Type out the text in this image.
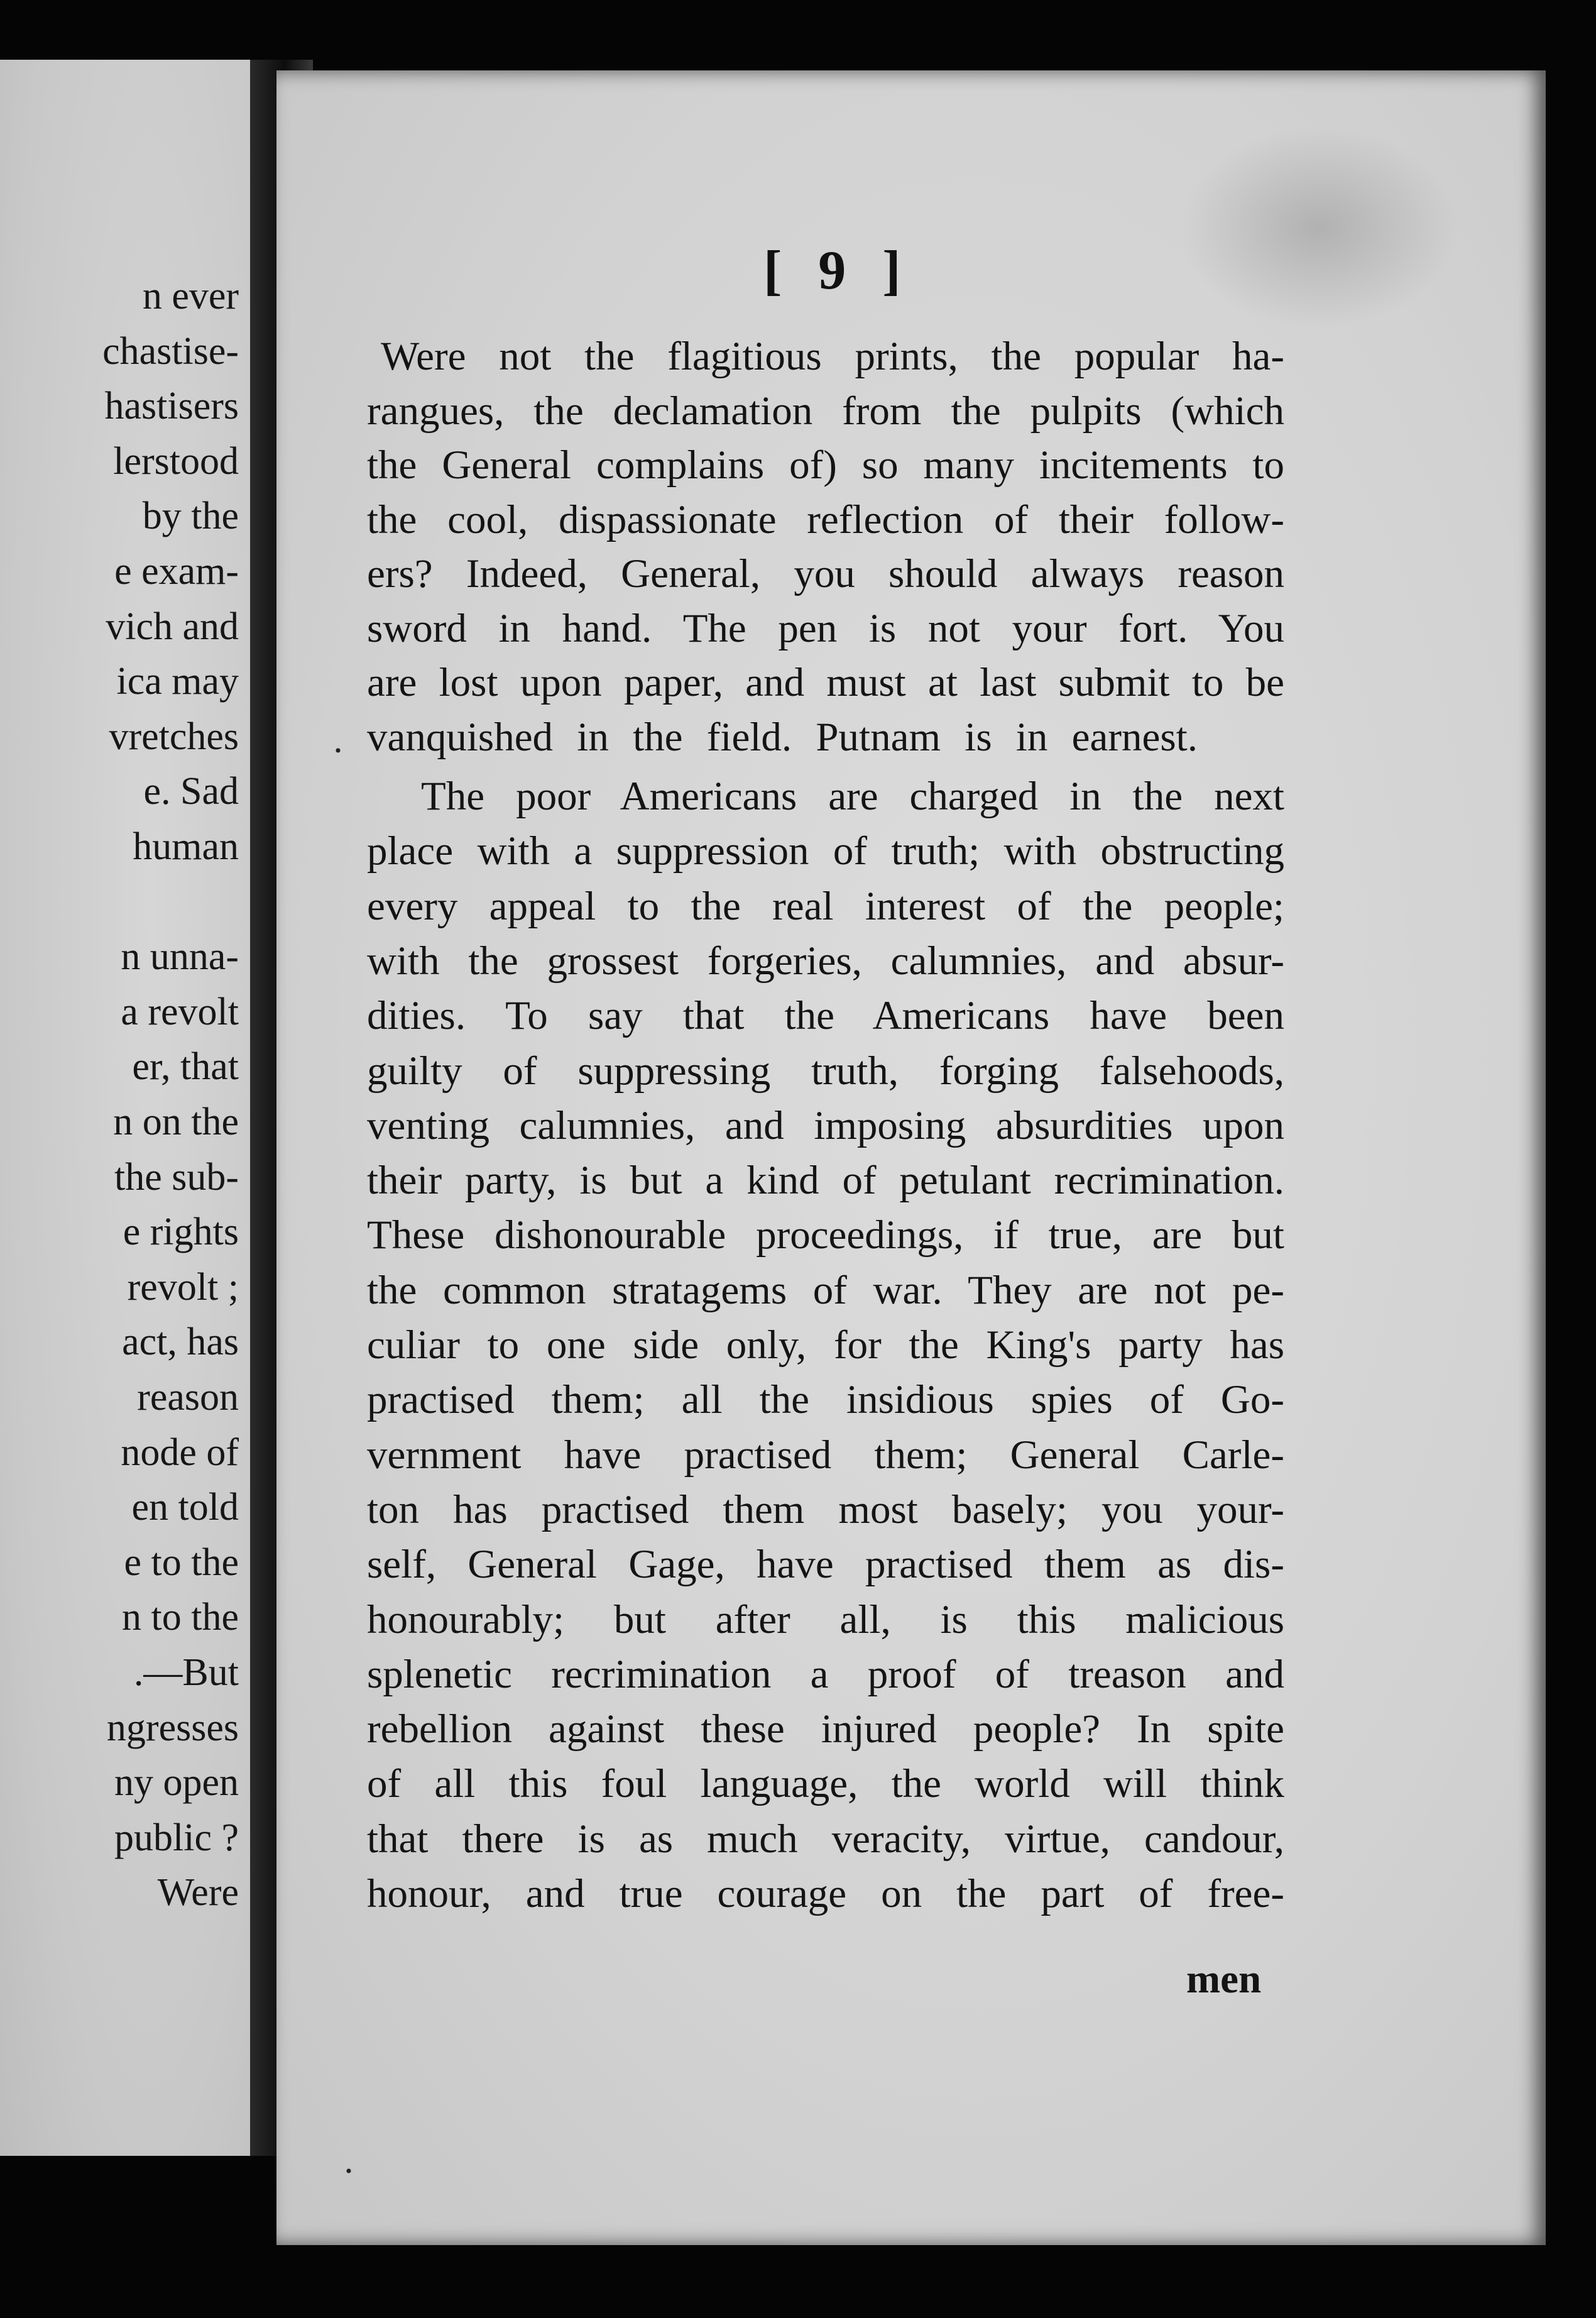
n ever
chastise-
hastisers
lerstood
by the
e exam-
vich and
ica may
vretches
e. Sad
human
n unna-
a revolt
er, that
n on the
the sub-
e rights
revolt ;
act, has
reason
node of
en told
e to the
n to the
.—But
ngresses
ny open
public ?
Were
[ 9 ]
Were not the flagitious prints, the popular ha-
rangues, the declamation from the pulpits (which
the General complains of) so many incitements to
the cool, dispassionate reflection of their follow-
ers? Indeed, General, you should always reason
sword in hand. The pen is not your fort. You
are lost upon paper, and must at last submit to be
vanquished in the field. Putnam is in earnest.
The poor Americans are charged in the next
place with a suppression of truth; with obstructing
every appeal to the real interest of the people;
with the grossest forgeries, calumnies, and absur-
dities. To say that the Americans have been
guilty of suppressing truth, forging falsehoods,
venting calumnies, and imposing absurdities upon
their party, is but a kind of petulant recrimination.
These dishonourable proceedings, if true, are but
the common stratagems of war. They are not pe-
culiar to one side only, for the King's party has
practised them; all the insidious spies of Go-
vernment have practised them; General Carle-
ton has practised them most basely; you your-
self, General Gage, have practised them as dis-
honourably; but after all, is this malicious
splenetic recrimination a proof of treason and
rebellion against these injured people? In spite
of all this foul language, the world will think
that there is as much veracity, virtue, candour,
honour, and true courage on the part of free-
men
·
·
